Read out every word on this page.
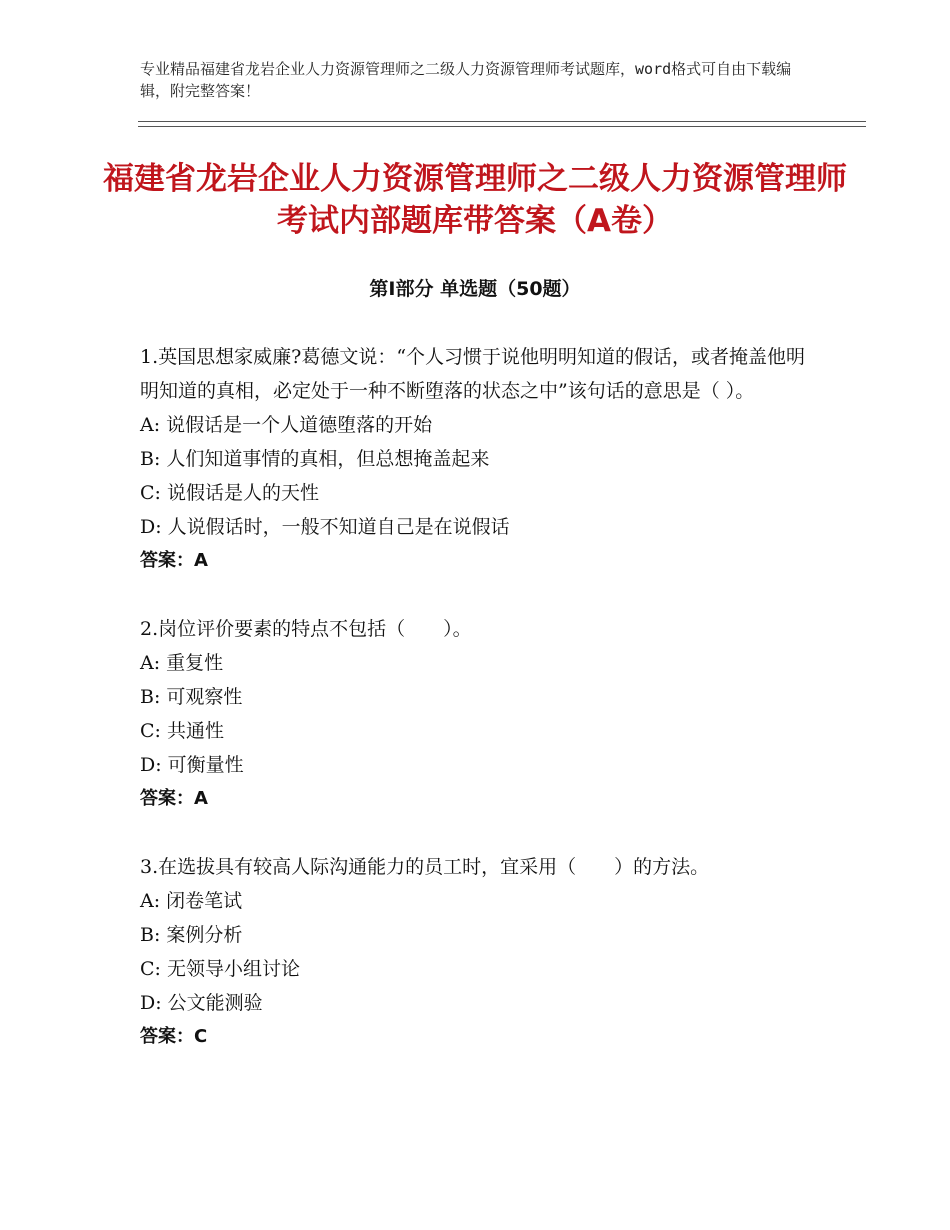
专业精品福建省龙岩企业人力资源管理师之二级人力资源管理师考试题库，word格式可自由下载编辑，附完整答案！
福建省龙岩企业人力资源管理师之二级人力资源管理师考试内部题库带答案（A卷）
第Ⅰ部分 单选题（50题）
1.英国思想家威廉?葛德文说：“个人习惯于说他明明知道的假话，或者掩盖他明明知道的真相，必定处于一种不断堕落的状态之中”该句话的意思是（ ）。
A: 说假话是一个人道德堕落的开始
B: 人们知道事情的真相，但总想掩盖起来
C: 说假话是人的天性
D: 人说假话时，一般不知道自己是在说假话
答案：A
2.岗位评价要素的特点不包括（　　）。
A: 重复性
B: 可观察性
C: 共通性
D: 可衡量性
答案：A
3.在选拔具有较高人际沟通能力的员工时，宜采用（　　）的方法。
A: 闭卷笔试
B: 案例分析
C: 无领导小组讨论
D: 公文能测验
答案：C
